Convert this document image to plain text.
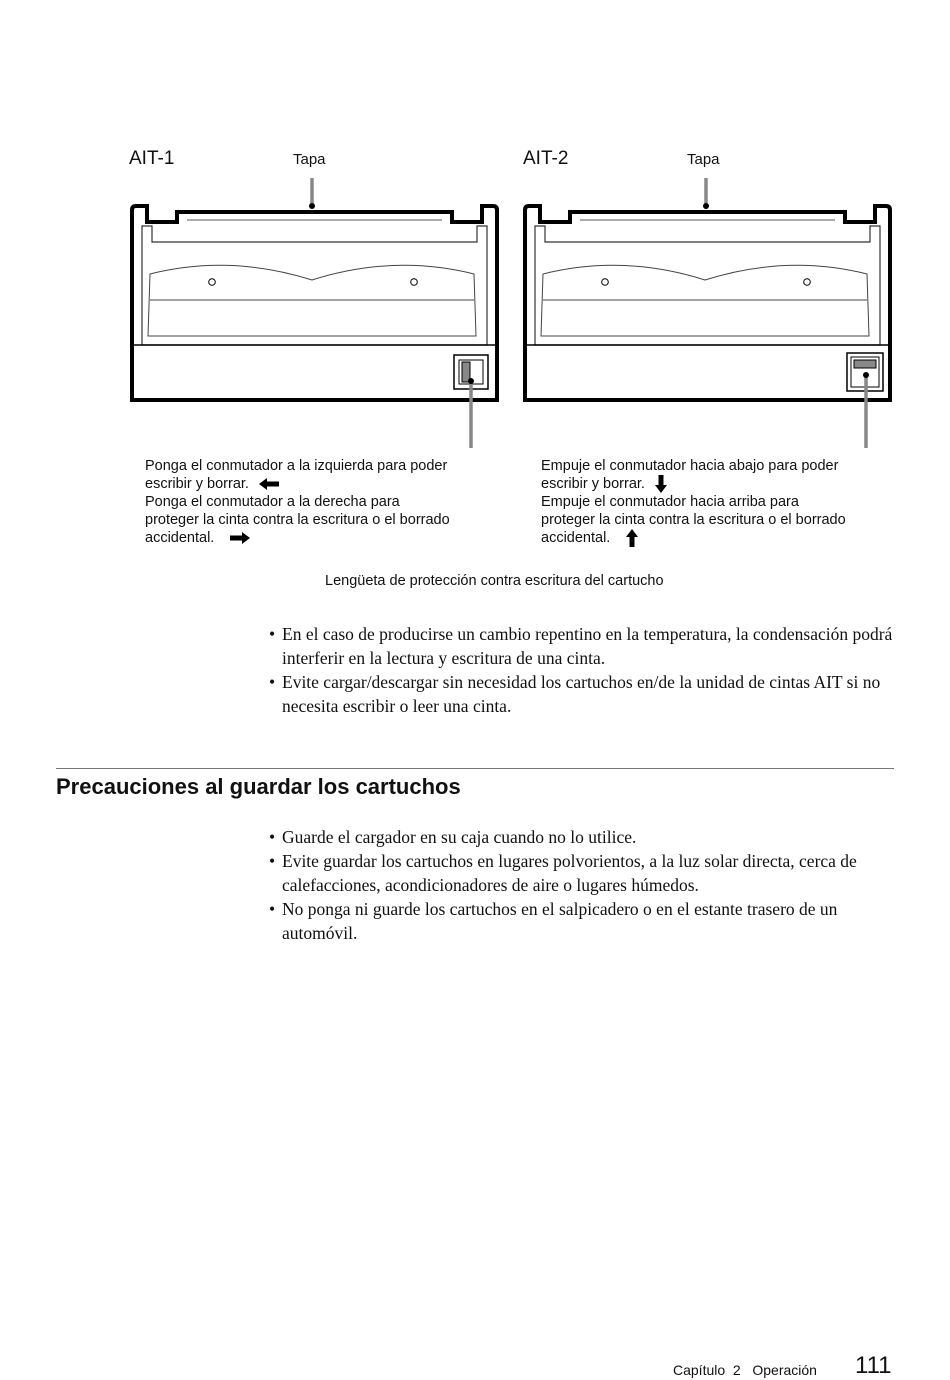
AIT-1	Tapa	AIT-2	Tapa
Ponga el conmutador a la izquierda para poder
escribir y borrar.
Ponga el conmutador a la derecha para
proteger la cinta contra la escritura o el borrado
accidental.
Empuje el conmutador hacia abajo para poder
escribir y borrar.
Empuje el conmutador hacia arriba para
proteger la cinta contra la escritura o el borrado
accidental.
Lengüeta de protección contra escritura del cartucho
• En el caso de producirse un cambio repentino en la temperatura, la condensación podrá interferir en la lectura y escritura de una cinta.
• Evite cargar/descargar sin necesidad los cartuchos en/de la unidad de cintas AIT si no necesita escribir o leer una cinta.
Precauciones al guardar los cartuchos
• Guarde el cargador en su caja cuando no lo utilice.
• Evite guardar los cartuchos en lugares polvorientos, a la luz solar directa, cerca de calefacciones, acondicionadores de aire o lugares húmedos.
• No ponga ni guarde los cartuchos en el salpicadero o en el estante trasero de un automóvil.
Capítulo  2   Operación 111
